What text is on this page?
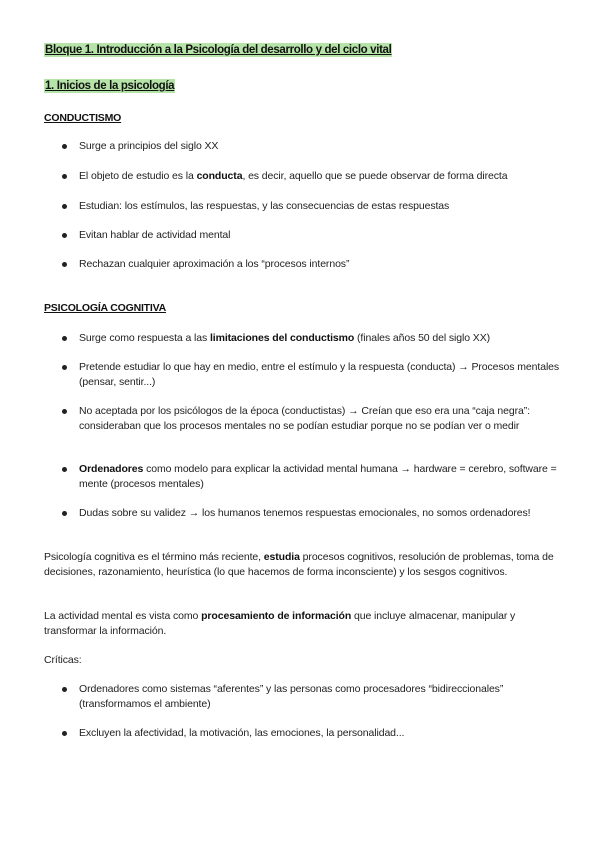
Bloque 1. Introducción a la Psicología del desarrollo y del ciclo vital
1. Inicios de la psicología
CONDUCTISMO
Surge a principios del siglo XX
El objeto de estudio es la conducta, es decir, aquello que se puede observar de forma directa
Estudian: los estímulos, las respuestas, y las consecuencias de estas respuestas
Evitan hablar de actividad mental
Rechazan cualquier aproximación a los “procesos internos”
PSICOLOGÍA COGNITIVA
Surge como respuesta a las limitaciones del conductismo (finales años 50 del siglo XX)
Pretende estudiar lo que hay en medio, entre el estímulo y la respuesta (conducta) → Procesos mentales (pensar, sentir...)
No aceptada por los psicólogos de la época (conductistas) → Creían que eso era una “caja negra”: consideraban que los procesos mentales no se podían estudiar porque no se podían ver o medir
Ordenadores como modelo para explicar la actividad mental humana → hardware = cerebro, software = mente (procesos mentales)
Dudas sobre su validez → los humanos tenemos respuestas emocionales, no somos ordenadores!
Psicología cognitiva es el término más reciente, estudia procesos cognitivos, resolución de problemas, toma de decisiones, razonamiento, heurística (lo que hacemos de forma inconsciente) y los sesgos cognitivos.
La actividad mental es vista como procesamiento de información que incluye almacenar, manipular y transformar la información.
Críticas:
Ordenadores como sistemas “aferentes” y las personas como procesadores “bidireccionales” (transformamos el ambiente)
Excluyen la afectividad, la motivación, las emociones, la personalidad...
